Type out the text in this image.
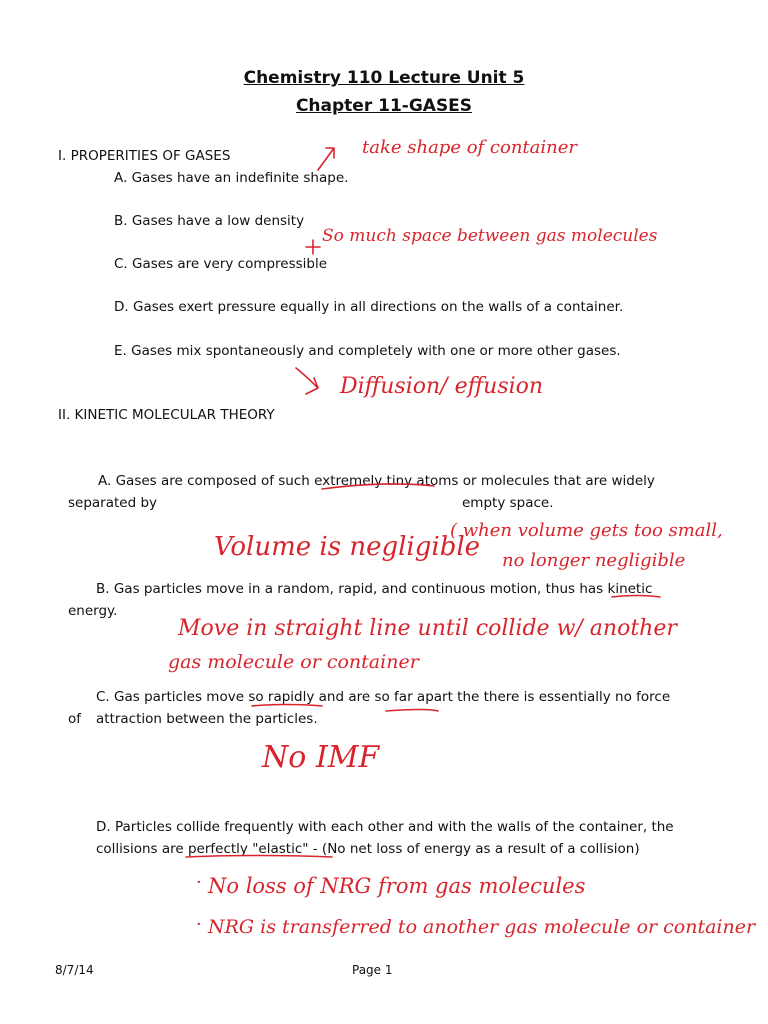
Chemistry 110 Lecture Unit 5
Chapter 11-GASES
I. PROPERITIES OF GASES
A. Gases have an indefinite shape.
B. Gases have a low density
C. Gases are very compressible
D. Gases exert pressure equally in all directions on the walls of a container.
E. Gases mix spontaneously and completely with one or more other gases.
II. KINETIC MOLECULAR THEORY
A. Gases are composed of such extremely tiny atoms or molecules that are widely
separated by	empty space.
B. Gas particles move in a random, rapid, and continuous motion, thus has kinetic
energy.
C. Gas particles move so rapidly and are so far apart the there is essentially no force
of attraction between the particles.
D. Particles collide frequently with each other and with the walls of the container, the
collisions are perfectly "elastic" - (No net loss of energy as a result of a collision)
take shape of container
So much space between gas molecules
Diffusion/ effusion
Volume is negligible
( when volume gets too small,
no longer negligible
Move in straight line until collide w/ another
gas molecule or container
No IMF
No loss of NRG from gas molecules
NRG is transferred to another gas molecule or container
·
·
8/7/14	Page 1
